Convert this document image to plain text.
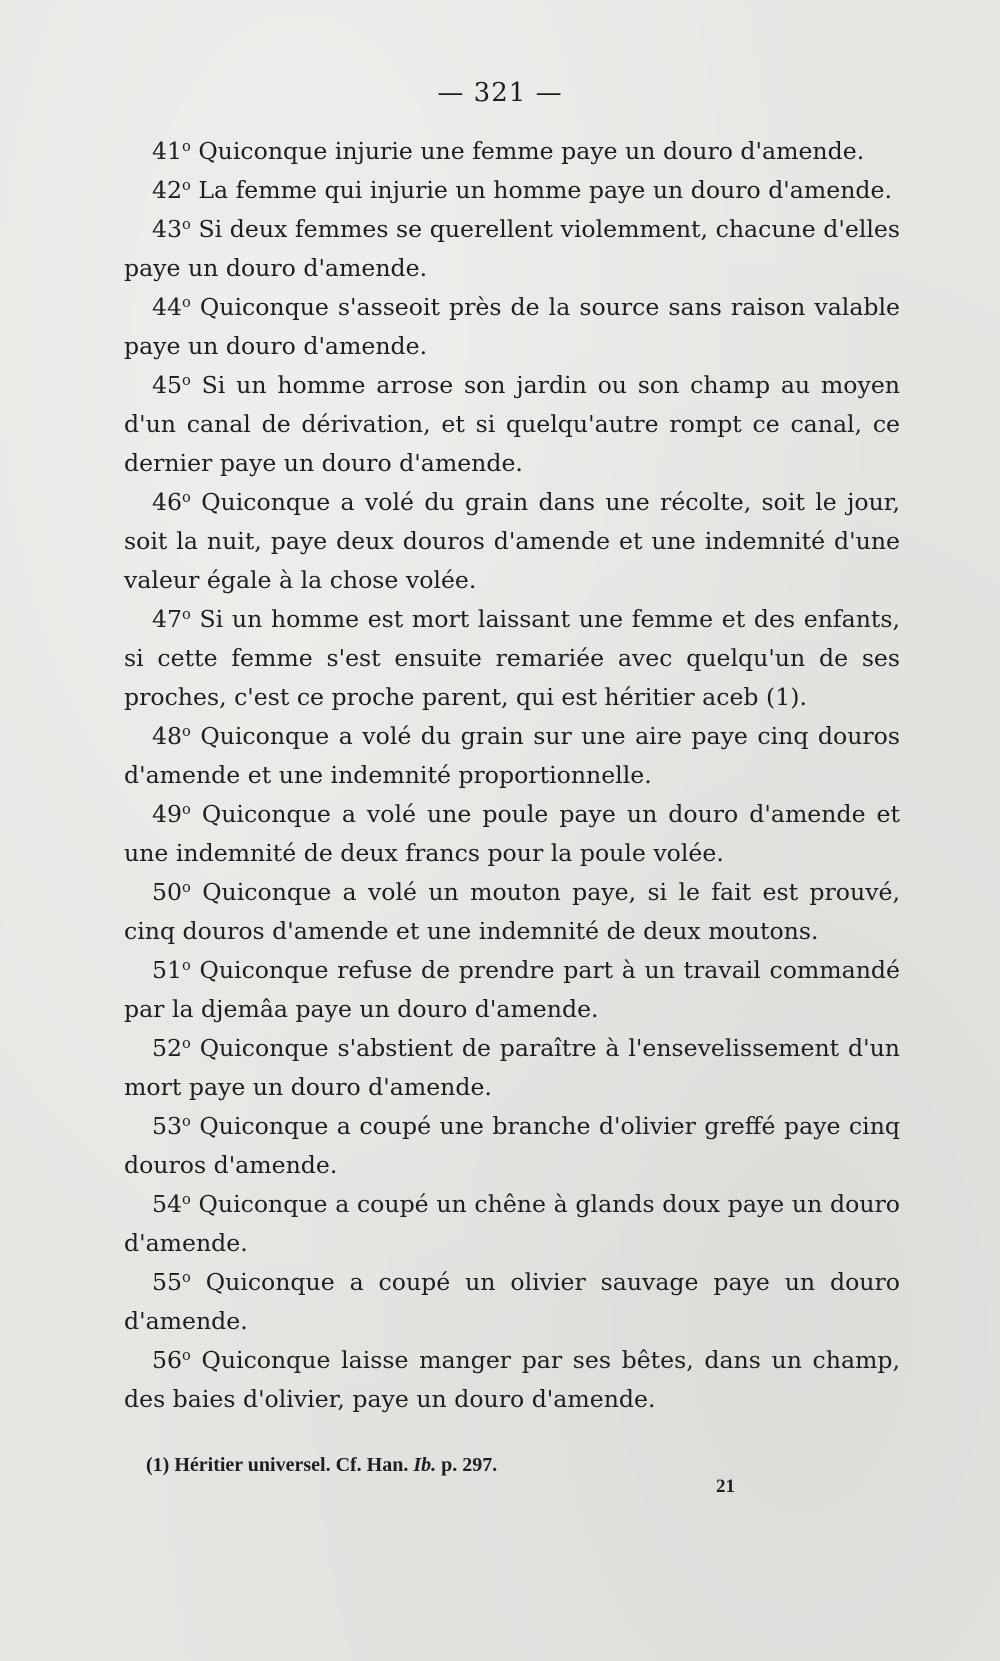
— 321 —

41$^o$ Quiconque injurie une femme paye un douro d'amende.

42$^o$ La femme qui injurie un homme paye un douro d'amende.

43$^o$ Si deux femmes se querellent violemment, chacune d'elles paye un douro d'amende.

44$^o$ Quiconque s'asseoit près de la source sans raison valable paye un douro d'amende.

45$^o$ Si un homme arrose son jardin ou son champ au moyen d'un canal de dérivation, et si quelqu'autre rompt ce canal, ce dernier paye un douro d'amende.

46$^o$ Quiconque a volé du grain dans une récolte, soit le jour, soit la nuit, paye deux douros d'amende et une indemnité d'une valeur égale à la chose volée.

47$^o$ Si un homme est mort laissant une femme et des enfants, si cette femme s'est ensuite remariée avec quelqu'un de ses proches, c'est ce proche parent, qui est héritier aceb (1).

48$^o$ Quiconque a volé du grain sur une aire paye cinq douros d'amende et une indemnité proportionnelle.

49$^o$ Quiconque a volé une poule paye un douro d'amende et une indemnité de deux francs pour la poule volée.

50$^o$ Quiconque a volé un mouton paye, si le fait est prouvé, cinq douros d'amende et une indemnité de deux moutons.

51$^o$ Quiconque refuse de prendre part à un travail commandé par la djemâa paye un douro d'amende.

52$^o$ Quiconque s'abstient de paraître à l'ensevelissement d'un mort paye un douro d'amende.

53$^o$ Quiconque a coupé une branche d'olivier greffé paye cinq douros d'amende.

54$^o$ Quiconque a coupé un chêne à glands doux paye un douro d'amende.

55$^o$ Quiconque a coupé un olivier sauvage paye un douro d'amende.

56$^o$ Quiconque laisse manger par ses bêtes, dans un champ, des baies d'olivier, paye un douro d'amende.

(1) Héritier universel. Cf. Han. Ib. p. 297.
21
